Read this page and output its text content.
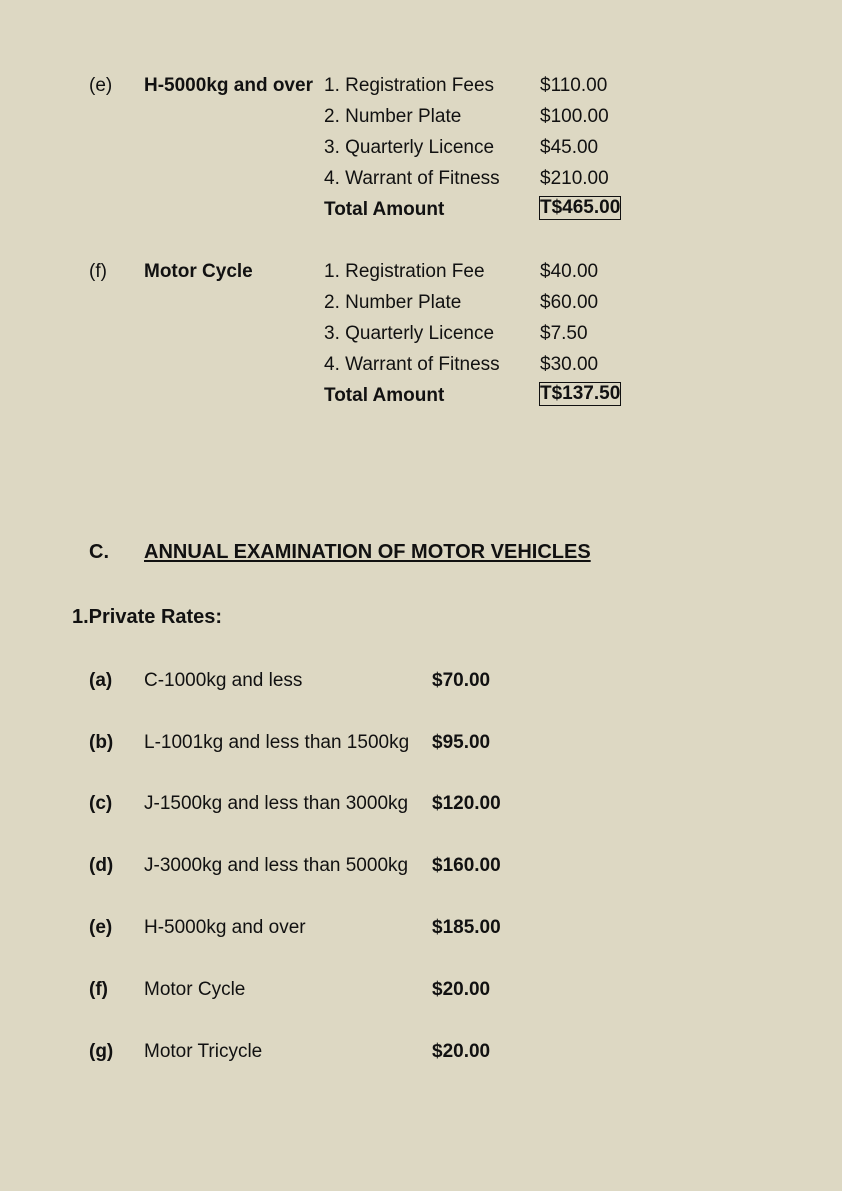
(e) H-5000kg and over 1. Registration Fees $110.00
2. Number Plate	$100.00
3. Quarterly Licence $45.00
4. Warrant of Fitness $210.00
Total Amount	T$465.00
(f) Motor Cycle	1. Registration Fee	$40.00
2. Number Plate	$60.00
3. Quarterly Licence $7.50
4. Warrant of Fitness $30.00
Total Amount	T$137.50
C. ANNUAL EXAMINATION OF MOTOR VEHICLES
1.Private Rates:
(a) C-1000kg and less	$70.00
(b) L-1001kg and less than 1500kg $95.00
(c) J-1500kg and less than 3000kg $120.00
(d) J-3000kg and less than 5000kg $160.00
(e) H-5000kg and over	$185.00
(f) Motor Cycle	$20.00
(g) Motor Tricycle	$20.00
